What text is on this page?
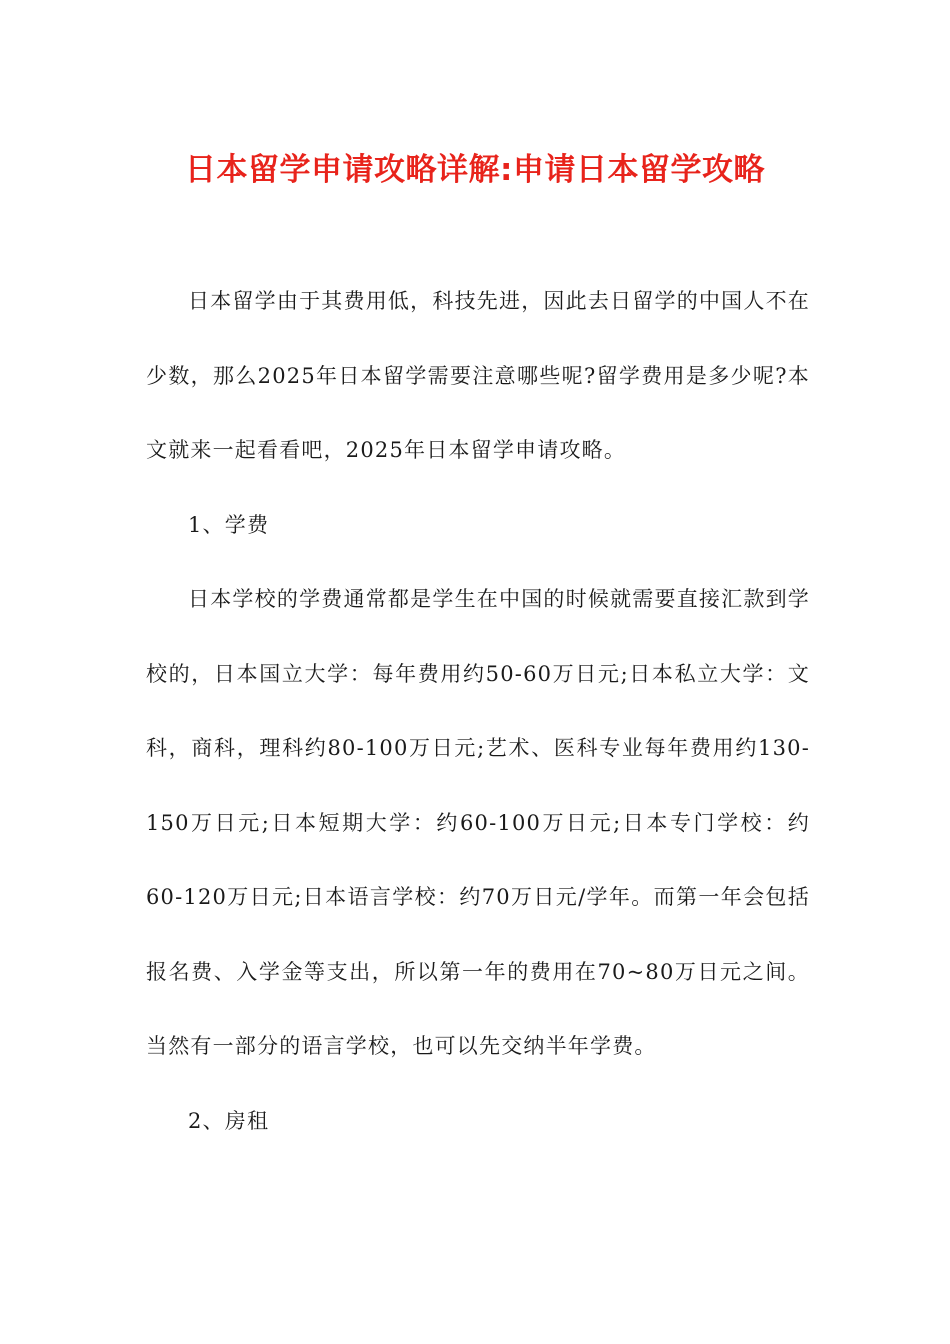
日本留学申请攻略详解:申请日本留学攻略

日本留学由于其费用低，科技先进，因此去日留学的中国人不在少数，那么2025年日本留学需要注意哪些呢?留学费用是多少呢?本文就来一起看看吧，2025年日本留学申请攻略。

1、学费

日本学校的学费通常都是学生在中国的时候就需要直接汇款到学校的，日本国立大学：每年费用约50-60万日元;日本私立大学：文科，商科，理科约80-100万日元;艺术、医科专业每年费用约130-150万日元;日本短期大学：约60-100万日元;日本专门学校：约60-120万日元;日本语言学校：约70万日元/学年。而第一年会包括报名费、入学金等支出，所以第一年的费用在70~80万日元之间。当然有一部分的语言学校，也可以先交纳半年学费。

2、房租
